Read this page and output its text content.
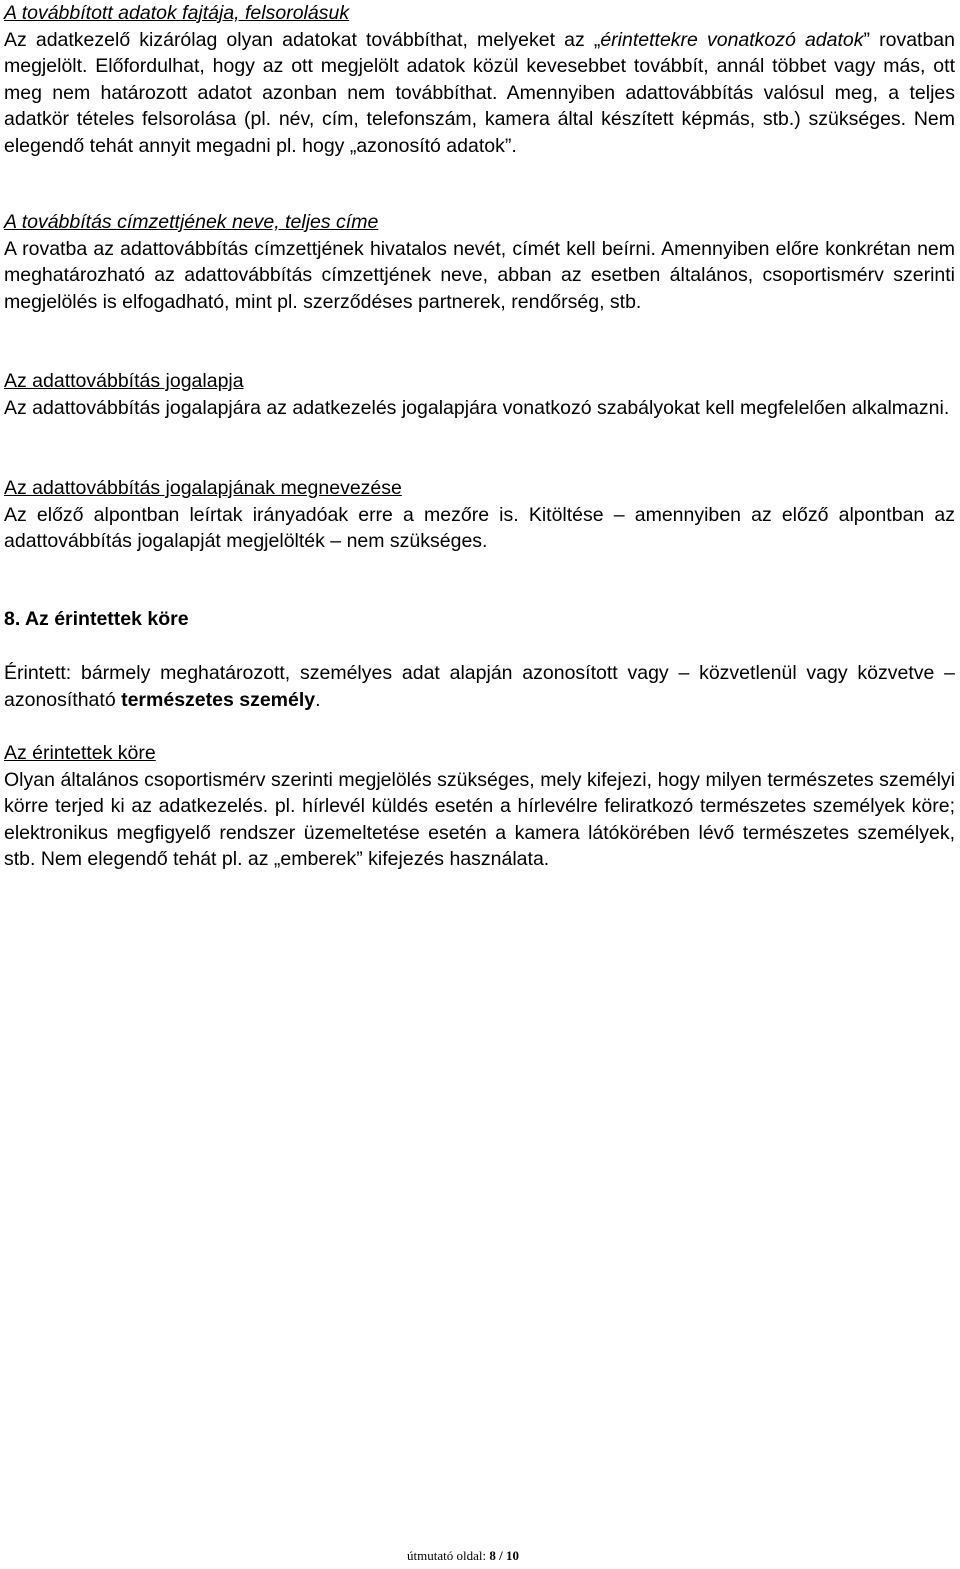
A továbbított adatok fajtája, felsorolásuk

Az adatkezelő kizárólag olyan adatokat továbbíthat, melyeket az „érintettekre vonatkozó adatok” rovatban megjelölt. Előfordulhat, hogy az ott megjelölt adatok közül kevesebbet továbbít, annál többet vagy más, ott meg nem határozott adatot azonban nem továbbíthat. Amennyiben adattovábbítás valósul meg, a teljes adatkör tételes felsorolása (pl. név, cím, telefonszám, kamera által készített képmás, stb.) szükséges. Nem elegendő tehát annyit megadni pl. hogy „azonosító adatok”.

A továbbítás címzettjének neve, teljes címe

A rovatba az adattovábbítás címzettjének hivatalos nevét, címét kell beírni. Amennyiben előre konkrétan nem meghatározható az adattovábbítás címzettjének neve, abban az esetben általános, csoportismérv szerinti megjelölés is elfogadható, mint pl. szerződéses partnerek, rendőrség, stb.

Az adattovábbítás jogalapja

Az adattovábbítás jogalapjára az adatkezelés jogalapjára vonatkozó szabályokat kell megfelelően alkalmazni.

Az adattovábbítás jogalapjának megnevezése

Az előző alpontban leírtak irányadóak erre a mezőre is. Kitöltése – amennyiben az előző alpontban az adattovábbítás jogalapját megjelölték – nem szükséges.

8. Az érintettek köre

Érintett: bármely meghatározott, személyes adat alapján azonosított vagy – közvetlenül vagy közvetve – azonosítható természetes személy.

Az érintettek köre

Olyan általános csoportismérv szerinti megjelölés szükséges, mely kifejezi, hogy milyen természetes személyi körre terjed ki az adatkezelés. pl. hírlevél küldés esetén a hírlevélre feliratkozó természetes személyek köre; elektronikus megfigyelő rendszer üzemeltetése esetén a kamera látókörében lévő természetes személyek, stb. Nem elegendő tehát pl. az „emberek” kifejezés használata.

útmutató oldal: 8 / 10
